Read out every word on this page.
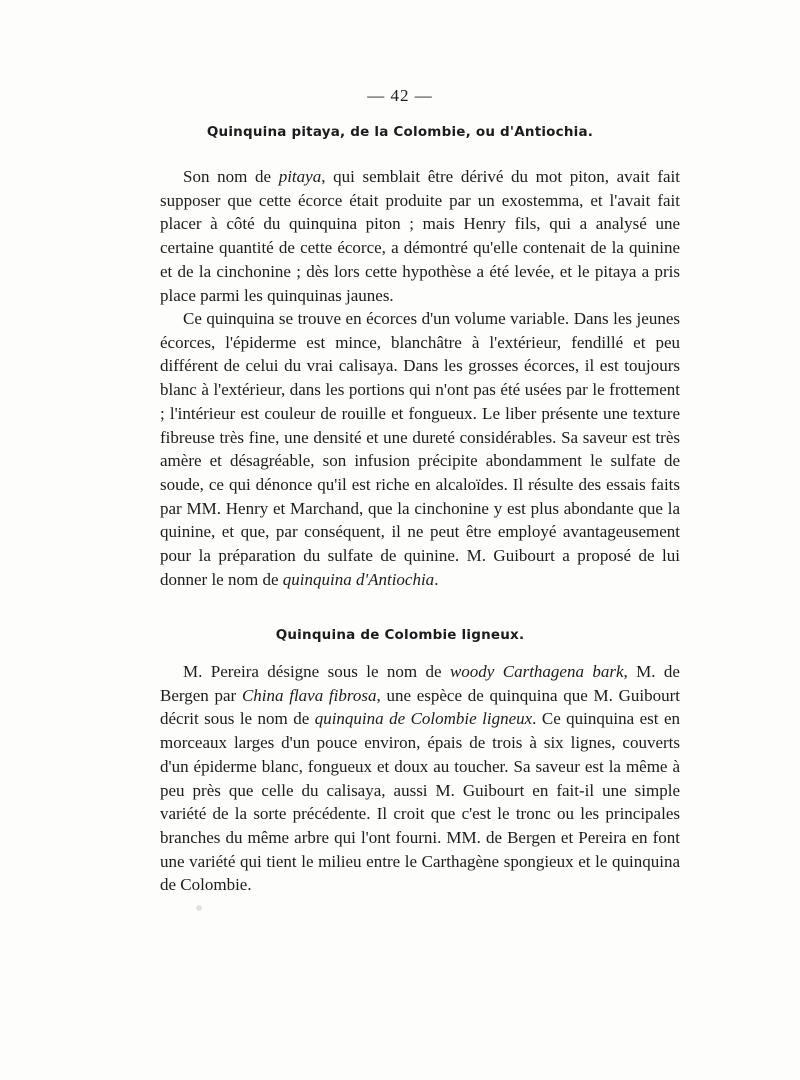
— 42 —
Quinquina pitaya, de la Colombie, ou d'Antiochia.

Son nom de pitaya, qui semblait être dérivé du mot piton, avait fait supposer que cette écorce était produite par un exostemma, et l'avait fait placer à côté du quinquina piton ; mais Henry fils, qui a analysé une certaine quantité de cette écorce, a démontré qu'elle contenait de la quinine et de la cinchonine ; dès lors cette hypothèse a été levée, et le pitaya a pris place parmi les quinquinas jaunes.

Ce quinquina se trouve en écorces d'un volume variable. Dans les jeunes écorces, l'épiderme est mince, blanchâtre à l'extérieur, fendillé et peu différent de celui du vrai calisaya. Dans les grosses écorces, il est toujours blanc à l'extérieur, dans les portions qui n'ont pas été usées par le frottement ; l'intérieur est couleur de rouille et fongueux. Le liber présente une texture fibreuse très fine, une densité et une dureté considérables. Sa saveur est très amère et désagréable, son infusion précipite abondamment le sulfate de soude, ce qui dénonce qu'il est riche en alcaloïdes. Il résulte des essais faits par MM. Henry et Marchand, que la cinchonine y est plus abondante que la quinine, et que, par conséquent, il ne peut être employé avantageusement pour la préparation du sulfate de quinine. M. Guibourt a proposé de lui donner le nom de quinquina d'Antiochia.

Quinquina de Colombie ligneux.

M. Pereira désigne sous le nom de woody Carthagena bark, M. de Bergen par China flava fibrosa, une espèce de quinquina que M. Guibourt décrit sous le nom de quinquina de Colombie ligneux. Ce quinquina est en morceaux larges d'un pouce environ, épais de trois à six lignes, couverts d'un épiderme blanc, fongueux et doux au toucher. Sa saveur est la même à peu près que celle du calisaya, aussi M. Guibourt en fait-il une simple variété de la sorte précédente. Il croit que c'est le tronc ou les principales branches du même arbre qui l'ont fourni. MM. de Bergen et Pereira en font une variété qui tient le milieu entre le Carthagène spongieux et le quinquina de Colombie.
